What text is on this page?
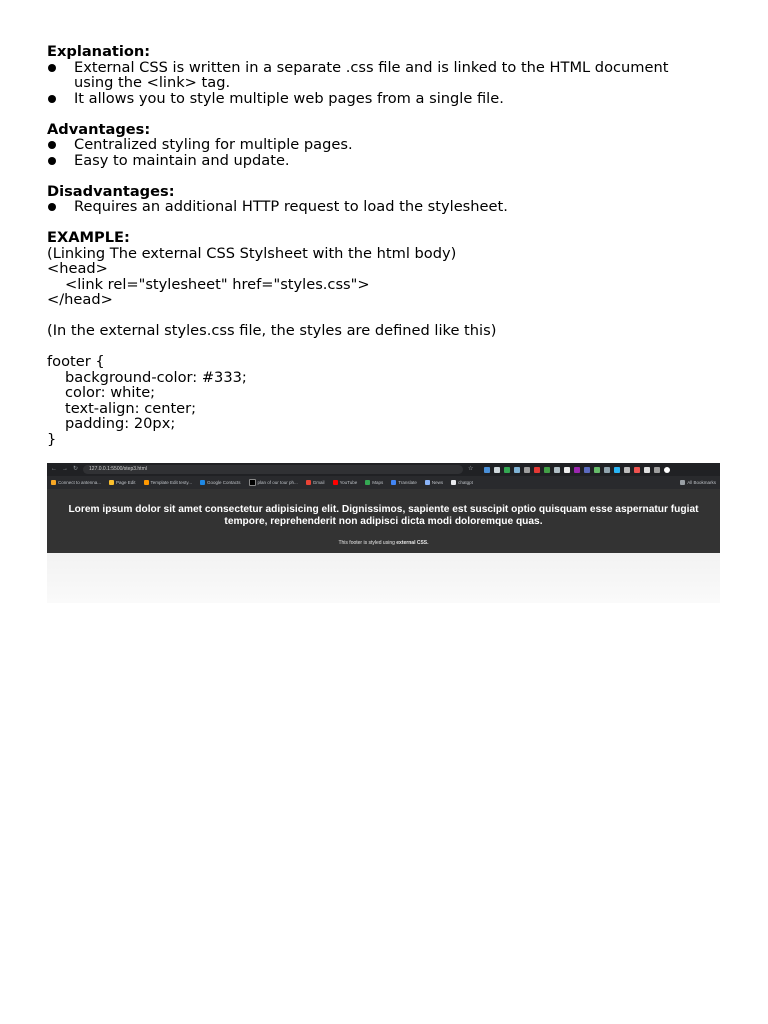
Explanation:

External CSS is written in a separate .css file and is linked to the HTML document using the <link> tag.
It allows you to style multiple web pages from a single file.

Advantages:

Centralized styling for multiple pages.
Easy to maintain and update.

Disadvantages:

Requires an additional HTTP request to load the stylesheet.

EXAMPLE:

(Linking The external CSS Stylsheet with the html body)

<head>

<link rel="stylesheet" href="styles.css">

</head>

(In the external styles.css file, the styles are defined like this)

footer {

background-color: #333;

color: white;

text-align: center;

padding: 20px;

}

← → ↻	127.0.0.1:5500/step3.html	☆
Connect to antenna...	Page Edit	Template Edit testy...	Google Contacts	plan of our tour ph...	Gmail	YouTube	Maps	Translate	News	chatgpt	All Bookmarks
Lorem ipsum dolor sit amet consectetur adipisicing elit. Dignissimos, sapiente est suscipit optio quisquam esse aspernatur fugiat tempore, reprehenderit non adipisci dicta modi doloremque quas.
This footer is styled using external CSS.
